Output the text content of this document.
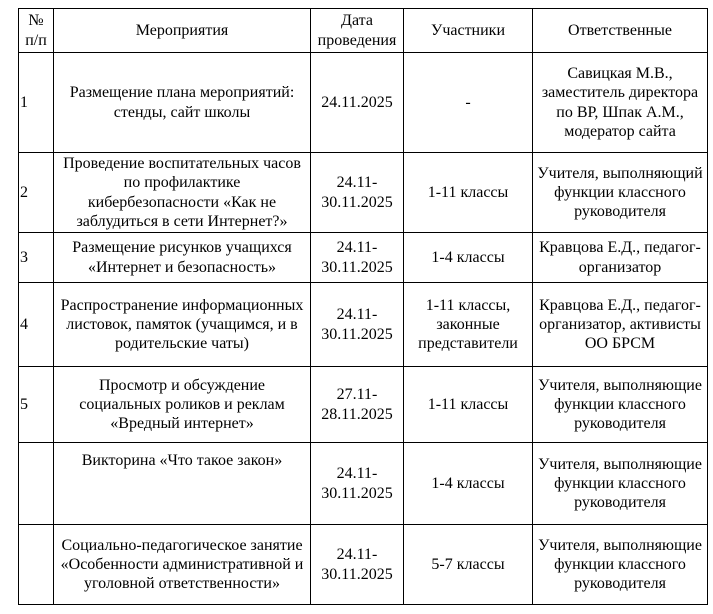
№ п/п	Мероприятия	Дата проведения	Участники	Ответственные
1	Размещение плана мероприятий: стенды, сайт школы	24.11.2025	-	Савицкая М.В., заместитель директора по ВР, Шпак А.М., модератор сайта
2	Проведение воспитательных часов по профилактике кибербезопасности «Как не заблудиться в сети Интернет?»	24.11-30.11.2025	1-11 классы	Учителя, выполняющий функции классного руководителя
3	Размещение рисунков учащихся «Интернет и безопасность»	24.11-30.11.2025	1-4 классы	Кравцова Е.Д., педагог-организатор
4	Распространение информационных листовок, памяток (учащимся, и в родительские чаты)	24.11-30.11.2025	1-11 классы, законные представители	Кравцова Е.Д., педагог-организатор, активисты ОО БРСМ
5	Просмотр и обсуждение социальных роликов и реклам «Вредный интернет»	27.11-28.11.2025	1-11 классы	Учителя, выполняющие функции классного руководителя
	Викторина «Что такое закон»	24.11-30.11.2025	1-4 классы	Учителя, выполняющие функции классного руководителя
	Социально-педагогическое занятие «Особенности административной и уголовной ответственности»	24.11-30.11.2025	5-7 классы	Учителя, выполняющие функции классного руководителя
